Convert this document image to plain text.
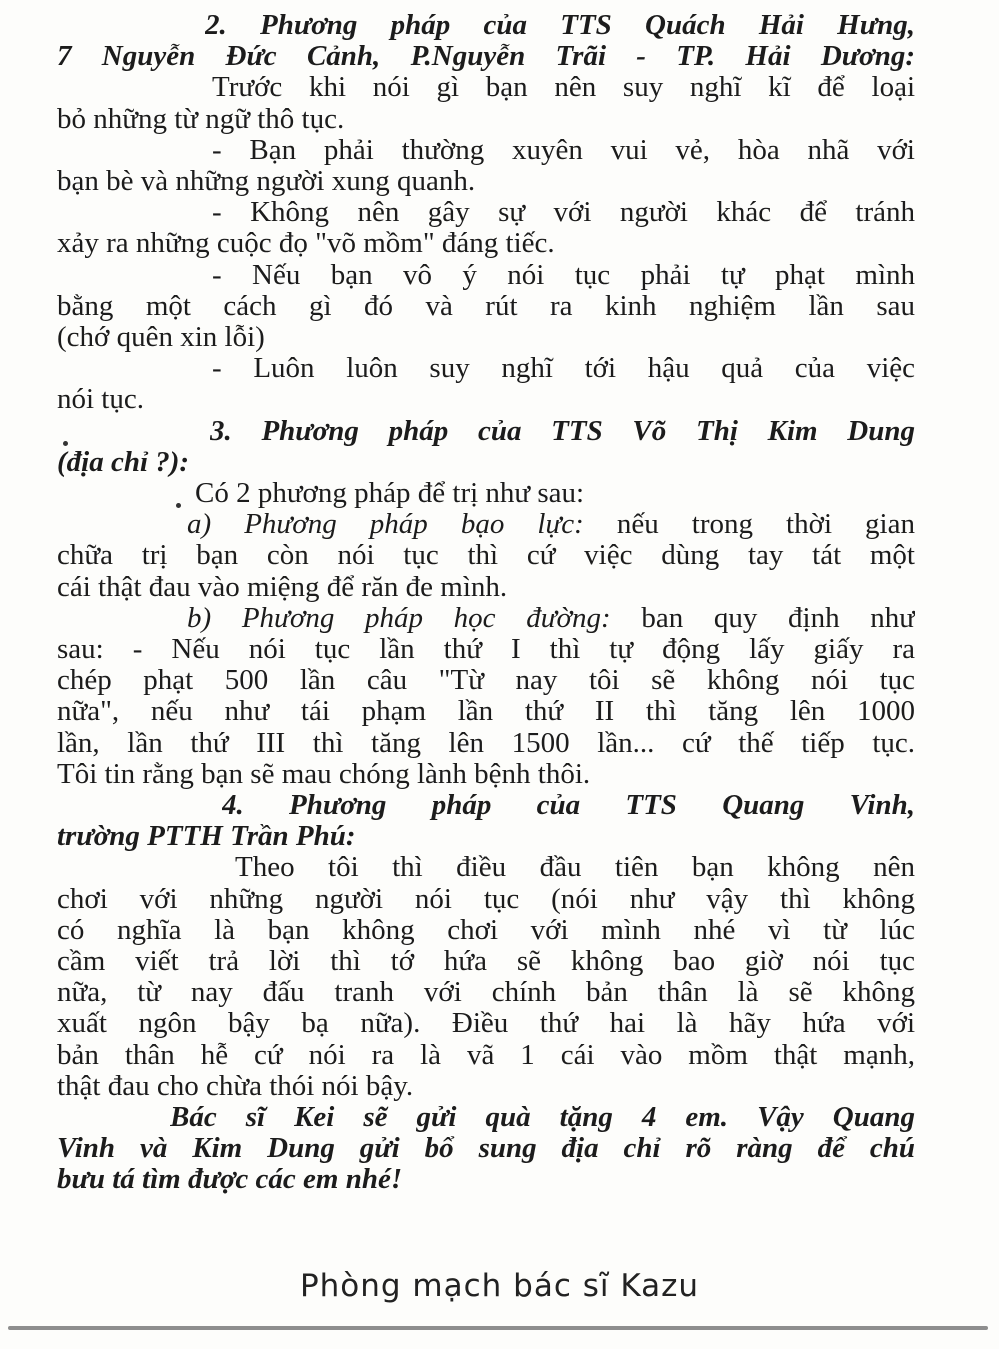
Phòng mạch bác sĩ Kazu
2. Phương pháp của TTS Quách Hải Hưng,
7 Nguyễn Đức Cảnh, P.Nguyễn Trãi - TP. Hải Dương:
Trước khi nói gì bạn nên suy nghĩ kĩ để loại
bỏ những từ ngữ thô tục.
- Bạn phải thường xuyên vui vẻ, hòa nhã với
bạn bè và những người xung quanh.
- Không nên gây sự với người khác để tránh
xảy ra những cuộc đọ "võ mồm" đáng tiếc.
- Nếu bạn vô ý nói tục phải tự phạt mình
bằng một cách gì đó và rút ra kinh nghiệm lần sau
(chớ quên xin lỗi)
- Luôn luôn suy nghĩ tới hậu quả của việc
nói tục.
3. Phương pháp của TTS Võ Thị Kim Dung
(địa chỉ ?):
Có 2 phương pháp để trị như sau:
a) Phương pháp bạo lực: nếu trong thời gian
chữa trị bạn còn nói tục thì cứ việc dùng tay tát một
cái thật đau vào miệng để răn đe mình.
b) Phương pháp học đường: ban quy định như
sau: - Nếu nói tục lần thứ I thì tự động lấy giấy ra
chép phạt 500 lần câu "Từ nay tôi sẽ không nói tục
nữa", nếu như tái phạm lần thứ II thì tăng lên 1000
lần, lần thứ III thì tăng lên 1500 lần... cứ thế tiếp tục.
Tôi tin rằng bạn sẽ mau chóng lành bệnh thôi.
4. Phương pháp của TTS Quang Vinh,
trường PTTH Trần Phú:
Theo tôi thì điều đầu tiên bạn không nên
chơi với những người nói tục (nói như vậy thì không
có nghĩa là bạn không chơi với mình nhé vì từ lúc
cầm viết trả lời thì tớ hứa sẽ không bao giờ nói tục
nữa, từ nay đấu tranh với chính bản thân là sẽ không
xuất ngôn bậy bạ nữa). Điều thứ hai là hãy hứa với
bản thân hễ cứ nói ra là vã 1 cái vào mồm thật mạnh,
thật đau cho chừa thói nói bậy.
Bác sĩ Kei sẽ gửi quà tặng 4 em. Vậy Quang
Vinh và Kim Dung gửi bổ sung địa chỉ rõ ràng để chú
bưu tá tìm được các em nhé!
